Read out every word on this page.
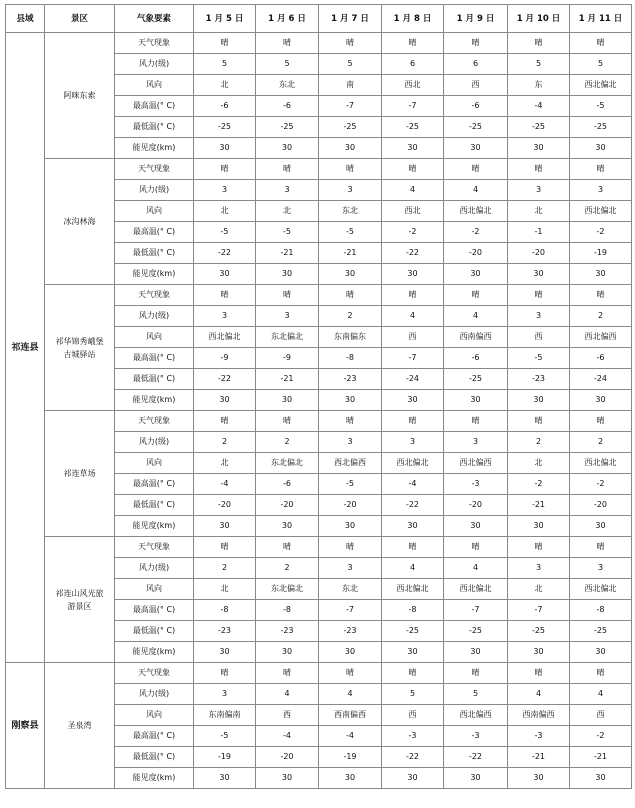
县域	景区	气象要素	1 月 5 日	1 月 6 日	1 月 7 日	1 月 8 日	1 月 9 日	1 月 10 日	1 月 11 日
祁连县	阿咪东索	天气现象	晴	晴	晴	晴	晴	晴	晴
		风力(级)	5	5	5	6	6	5	5
		风向	北	东北	南	西北	西	东	西北偏北
		最高温(° C)	-6	-6	-7	-7	-6	-4	-5
		最低温(° C)	-25	-25	-25	-25	-25	-25	-25
		能见度(km)	30	30	30	30	30	30	30
	冰沟林海	天气现象	晴	晴	晴	晴	晴	晴	晴
		风力(级)	3	3	3	4	4	3	3
		风向	北	北	东北	西北	西北偏北	北	西北偏北
		最高温(° C)	-5	-5	-5	-2	-2	-1	-2
		最低温(° C)	-22	-21	-21	-22	-20	-20	-19
		能见度(km)	30	30	30	30	30	30	30
	祁华锦秀峨堡古城驿站	天气现象	晴	晴	晴	晴	晴	晴	晴
		风力(级)	3	3	2	4	4	3	2
		风向	西北偏北	东北偏北	东南偏东	西	西南偏西	西	西北偏西
		最高温(° C)	-9	-9	-8	-7	-6	-5	-6
		最低温(° C)	-22	-21	-23	-24	-25	-23	-24
		能见度(km)	30	30	30	30	30	30	30
	祁连草场	天气现象	晴	晴	晴	晴	晴	晴	晴
		风力(级)	2	2	3	3	3	2	2
		风向	北	东北偏北	西北偏西	西北偏北	西北偏西	北	西北偏北
		最高温(° C)	-4	-6	-5	-4	-3	-2	-2
		最低温(° C)	-20	-20	-20	-22	-20	-21	-20
		能见度(km)	30	30	30	30	30	30	30
	祁连山风光旅游景区	天气现象	晴	晴	晴	晴	晴	晴	晴
		风力(级)	2	2	3	4	4	3	3
		风向	北	东北偏北	东北	西北偏北	西北偏北	北	西北偏北
		最高温(° C)	-8	-8	-7	-8	-7	-7	-8
		最低温(° C)	-23	-23	-23	-25	-25	-25	-25
		能见度(km)	30	30	30	30	30	30	30
刚察县	圣泉湾	天气现象	晴	晴	晴	晴	晴	晴	晴
		风力(级)	3	4	4	5	5	4	4
		风向	东南偏南	西	西南偏西	西	西北偏西	西南偏西	西
		最高温(° C)	-5	-4	-4	-3	-3	-3	-2
		最低温(° C)	-19	-20	-19	-22	-22	-21	-21
		能见度(km)	30	30	30	30	30	30	30
